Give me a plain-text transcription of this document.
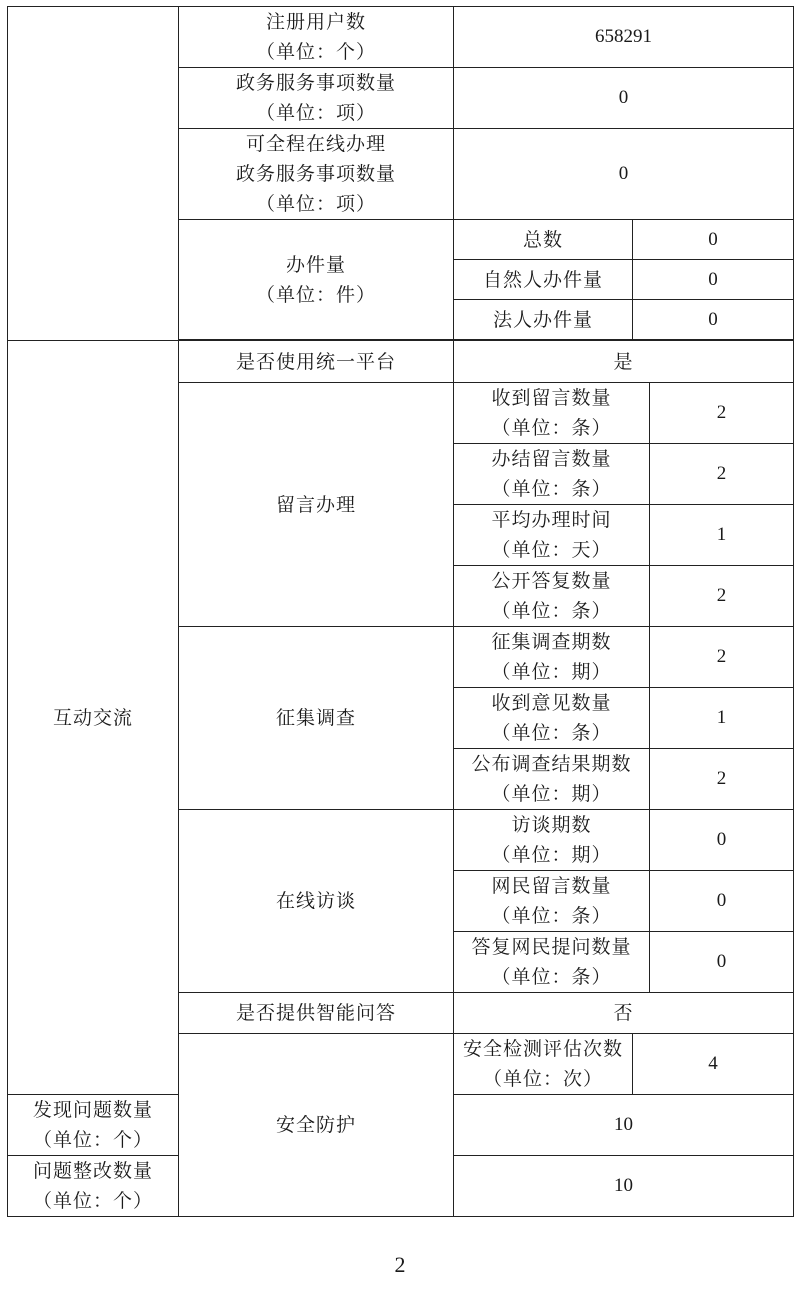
	注册用户数
（单位：个）	658291		

	政务服务事项数量
（单位：项）	0		

	可全程在线办理
政务服务事项数量
（单位：项）	0		

	办件量
（单位：件）	总数	0	
		自然人办件量	0	
		法人办件量	0	

互动交流	是否使用统一平台	是		
	留言办理	收到留言数量
（单位：条）		2

		办结留言数量
（单位：条）		2

		平均办理时间
（单位：天）		1

		公开答复数量
（单位：条）		2
	征集调查	征集调查期数
（单位：期）		2

		收到意见数量
（单位：条）		1

		公布调查结果期数
（单位：期）		2
	在线访谈	访谈期数
（单位：期）		0

		网民留言数量
（单位：条）		0

		答复网民提问数量
（单位：条）		0
	是否提供智能问答	否		
	安全防护	安全检测评估次数
（单位：次）	4	

发现问题数量
（单位：个）		10		

问题整改数量
（单位：个）		10		
2
